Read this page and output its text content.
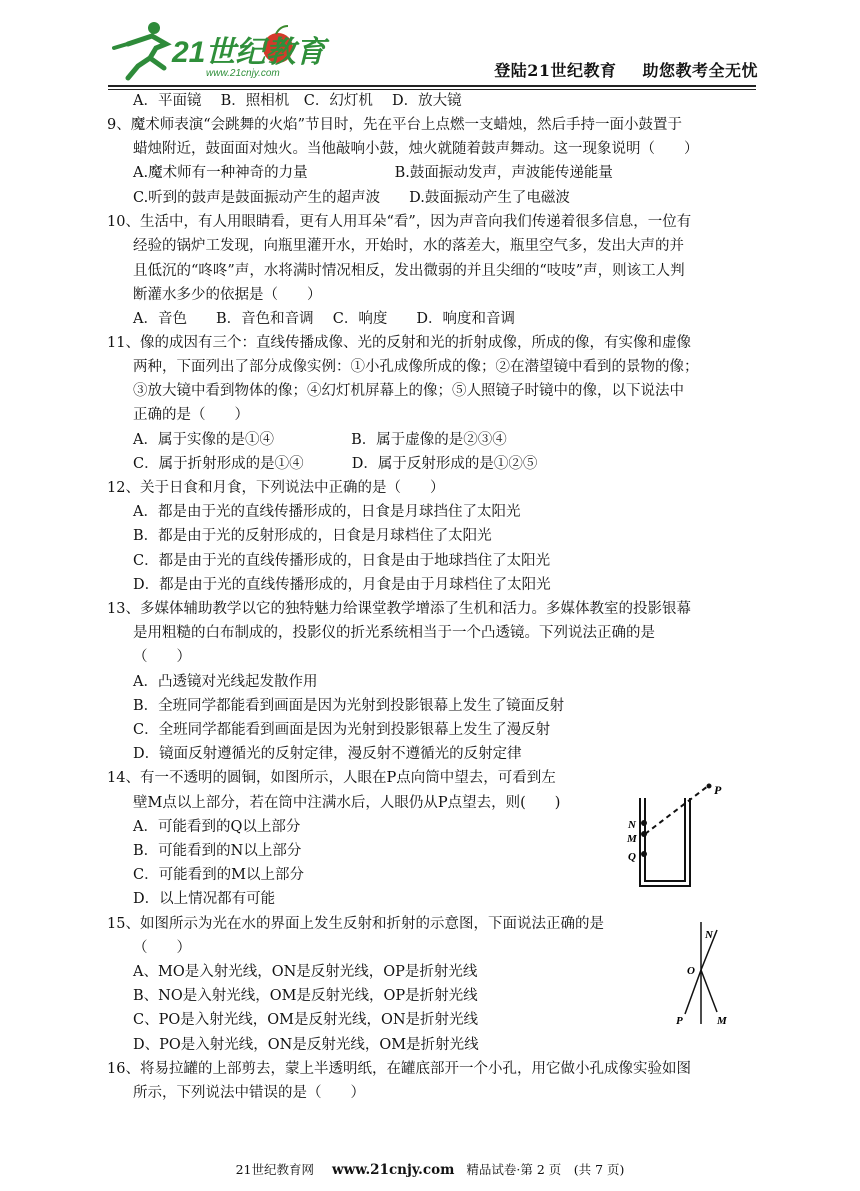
21世纪教育
www.21cnjy.com	登陆21世纪教育 助您教考全无忧
A．平面镜　 B．照相机　C．幻灯机　 D．放大镜
9、魔术师表演“会跳舞的火焰”节目时，先在平台上点燃一支蜡烛，然后手持一面小鼓置于
蜡烛附近，鼓面面对烛火。当他敲响小鼓，烛火就随着鼓声舞动。这一现象说明（　　）
A.魔术师有一种神奇的力量　　　　　　B.鼓面振动发声，声波能传递能量
C.听到的鼓声是鼓面振动产生的超声波　　D.鼓面振动产生了电磁波
10、生活中，有人用眼睛看，更有人用耳朵“看”，因为声音向我们传递着很多信息，一位有
经验的锅炉工发现，向瓶里灌开水，开始时，水的落差大，瓶里空气多，发出大声的并
且低沉的“咚咚”声，水将满时情况相反，发出微弱的并且尖细的“吱吱”声，则该工人判
断灌水多少的依据是（　　）
A．音色　　B．音色和音调　 C．响度　　D．响度和音调
11、像的成因有三个：直线传播成像、光的反射和光的折射成像，所成的像，有实像和虚像
两种，下面列出了部分成像实例：①小孔成像所成的像；②在潜望镜中看到的景物的像；
③放大镜中看到物体的像；④幻灯机屏幕上的像；⑤人照镜子时镜中的像，以下说法中
正确的是（　　）
A．属于实像的是①④　　　　　 B．属于虚像的是②③④
C．属于折射形成的是①④　　　 D．属于反射形成的是①②⑤
12、关于日食和月食，下列说法中正确的是（　　）
A．都是由于光的直线传播形成的，日食是月球挡住了太阳光
B．都是由于光的反射形成的，日食是月球档住了太阳光
C．都是由于光的直线传播形成的，日食是由于地球挡住了太阳光
D．都是由于光的直线传播形成的，月食是由于月球档住了太阳光
13、多媒体辅助教学以它的独特魅力给课堂教学增添了生机和活力。多媒体教室的投影银幕
是用粗糙的白布制成的，投影仪的折光系统相当于一个凸透镜。下列说法正确的是
（　　）
A．凸透镜对光线起发散作用
B．全班同学都能看到画面是因为光射到投影银幕上发生了镜面反射
C．全班同学都能看到画面是因为光射到投影银幕上发生了漫反射
D．镜面反射遵循光的反射定律，漫反射不遵循光的反射定律
14、有一不透明的圆铜，如图所示，人眼在P点向筒中望去，可看到左
壁M点以上部分，若在筒中注满水后，人眼仍从P点望去，则(　　)
A．可能看到的Q以上部分
B．可能看到的N以上部分
C．可能看到的M以上部分
D．以上情况都有可能
15、如图所示为光在水的界面上发生反射和折射的示意图，下面说法正确的是
（　　）
A、MO是入射光线，ON是反射光线，OP是折射光线
B、NO是入射光线，OM是反射光线，OP是折射光线
C、PO是入射光线，OM是反射光线，ON是折射光线
D、PO是入射光线，ON是反射光线，OM是折射光线
16、将易拉罐的上部剪去，蒙上半透明纸，在罐底部开一个小孔，用它做小孔成像实验如图
所示，下列说法中错误的是（　　）
P
N
M
Q
N
O
P	M
21世纪教育网 www.21cnjy.com 精品试卷·第 2 页　(共 7 页)
